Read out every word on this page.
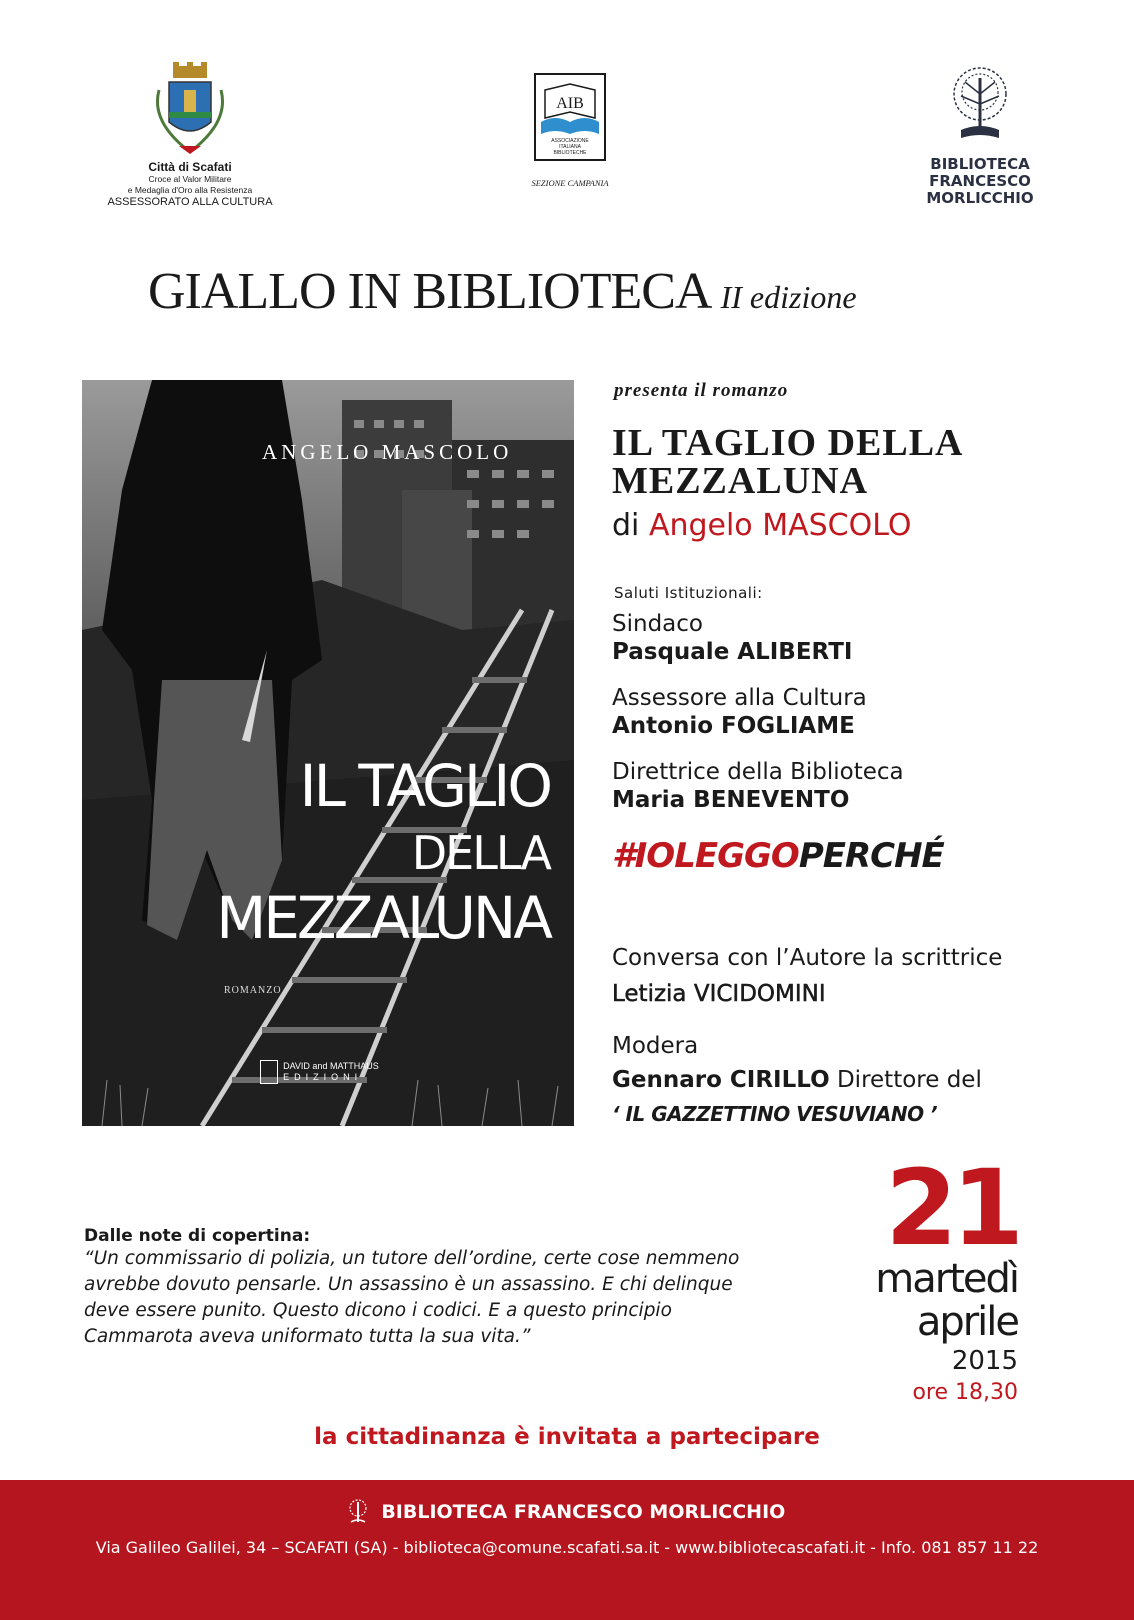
Città di Scafati
Croce al Valor Militare
e Medaglia d'Oro alla Resistenza
ASSESSORATO ALLA CULTURA
AIB
ASSOCIAZIONE
ITALIANA
BIBLIOTECHE
SEZIONE CAMPANIA
BIBLIOTECA
FRANCESCO
MORLICCHIO
GIALLO IN BIBLIOTECA II edizione
ANGELO MASCOLO
IL TAGLIO
DELLA
MEZZALUNA
ROMANZO
DAVID and MATTHAUS
EDIZIONI
presenta il romanzo
IL TAGLIO DELLA
MEZZALUNA
di Angelo MASCOLO
Saluti Istituzionali:
Sindaco
Pasquale ALIBERTI
Assessore alla Cultura
Antonio FOGLIAME
Direttrice della Biblioteca
Maria BENEVENTO
#IOLEGGOPERCHÉ
Conversa con l’Autore la scrittrice
Letizia VICIDOMINI
Modera
Gennaro CIRILLO Direttore del
‘ IL GAZZETTINO VESUVIANO ’
Dalle note di copertina:
“Un commissario di polizia, un tutore dell’ordine, certe cose nemmeno
avrebbe dovuto pensarle. Un assassino è un assassino. E chi delinque
deve essere punito. Questo dicono i codici. E a questo principio
Cammarota aveva uniformato tutta la sua vita.”
21
martedì
aprile
2015
ore 18,30
la cittadinanza è invitata a partecipare
BIBLIOTECA FRANCESCO MORLICCHIO
Via Galileo Galilei, 34 – SCAFATI (SA) - biblioteca@comune.scafati.sa.it - www.bibliotecascafati.it - Info. 081 857 11 22
